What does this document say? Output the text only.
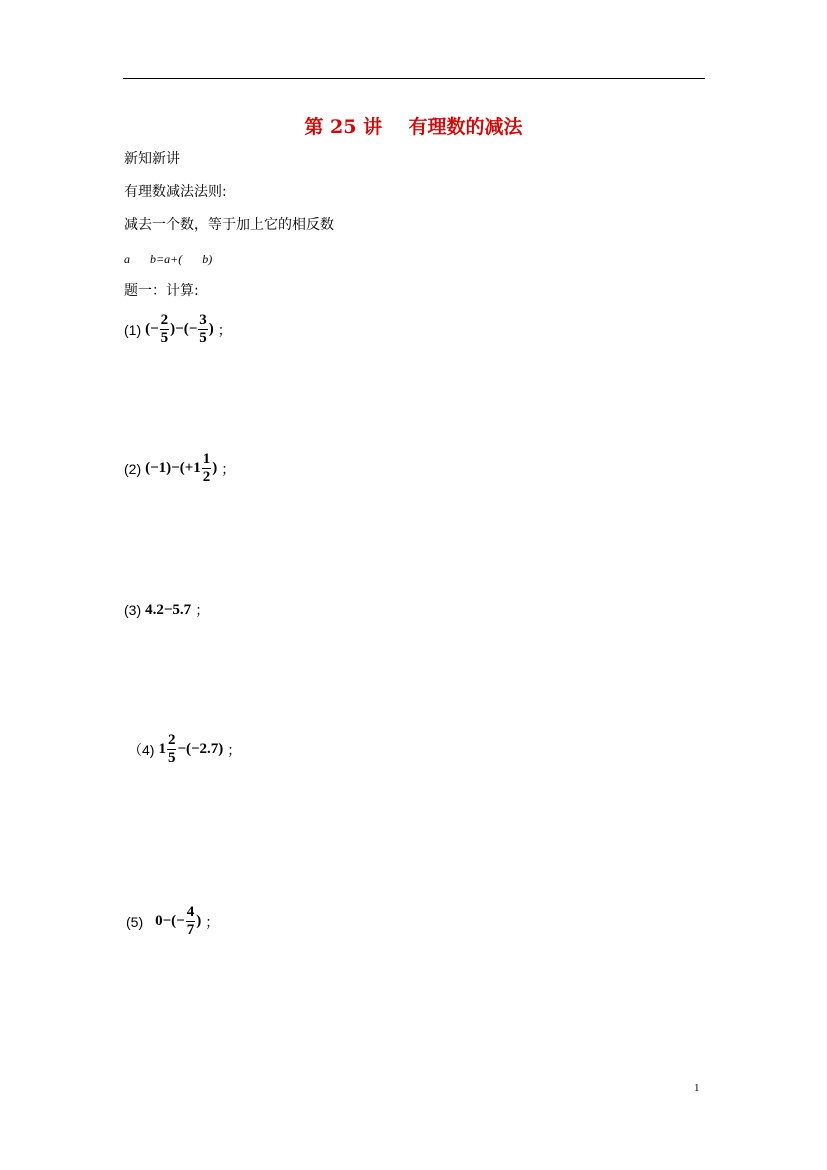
第 25 讲    有理数的减法
新知新讲
有理数减法法则:
减去一个数，等于加上它的相反数
a    b=a+(    b)
题一：计算:
(1) (− $\frac{2}{5}$ )−(− $\frac{3}{5}$ ) ；
(2) $(-1)-(+1 \frac{1}{2}$ ) ；
(3) 4.2−5.7 ；
（4) $1 \frac{2}{5} -(-2.7)$ ；
(5) $0-(- \frac{4}{7}$ ) ；
1
